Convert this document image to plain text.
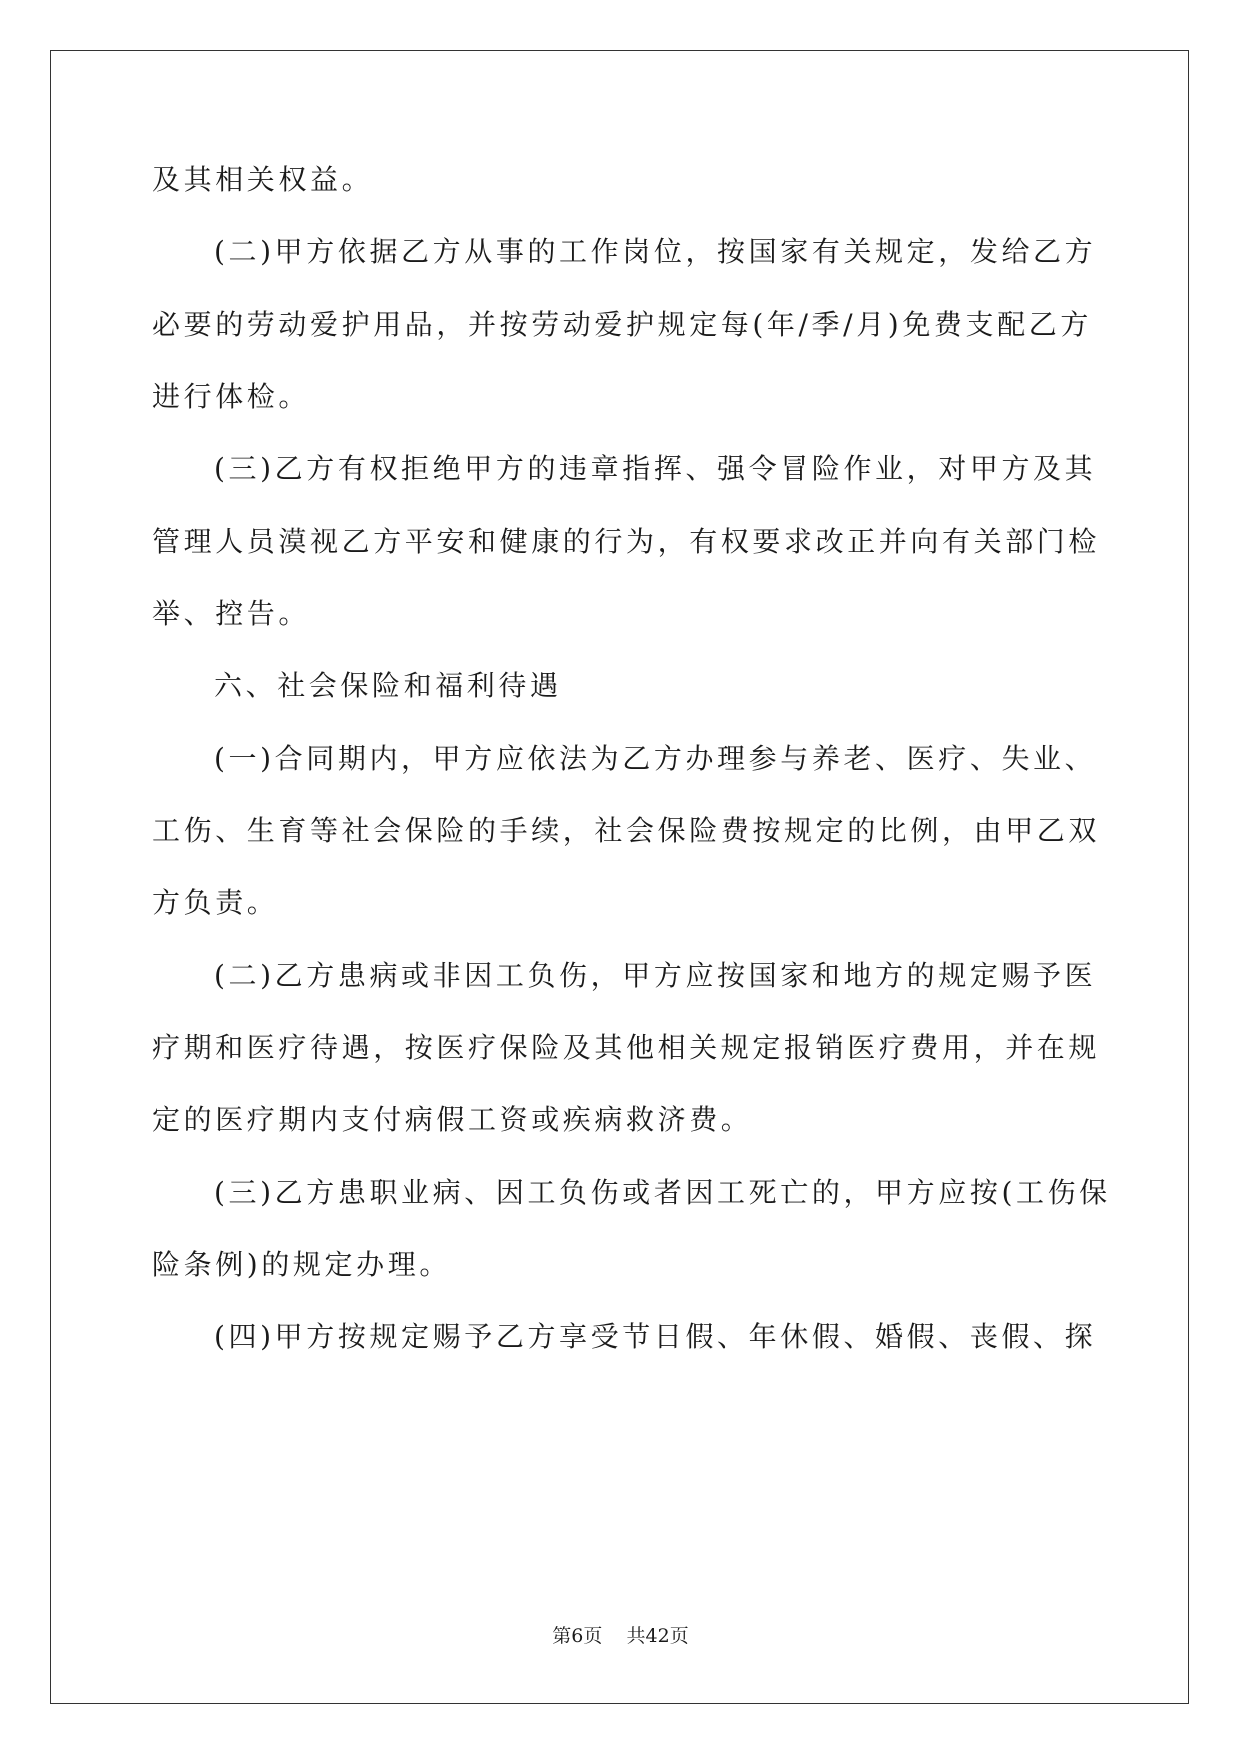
及其相关权益。
(二)甲方依据乙方从事的工作岗位，按国家有关规定，发给乙方
必要的劳动爱护用品，并按劳动爱护规定每(年/季/月)免费支配乙方
进行体检。
(三)乙方有权拒绝甲方的违章指挥、强令冒险作业，对甲方及其
管理人员漠视乙方平安和健康的行为，有权要求改正并向有关部门检
举、控告。
六、社会保险和福利待遇
(一)合同期内，甲方应依法为乙方办理参与养老、医疗、失业、
工伤、生育等社会保险的手续，社会保险费按规定的比例，由甲乙双
方负责。
(二)乙方患病或非因工负伤，甲方应按国家和地方的规定赐予医
疗期和医疗待遇，按医疗保险及其他相关规定报销医疗费用，并在规
定的医疗期内支付病假工资或疾病救济费。
(三)乙方患职业病、因工负伤或者因工死亡的，甲方应按(工伤保
险条例)的规定办理。
(四)甲方按规定赐予乙方享受节日假、年休假、婚假、丧假、探
第6页    共42页
